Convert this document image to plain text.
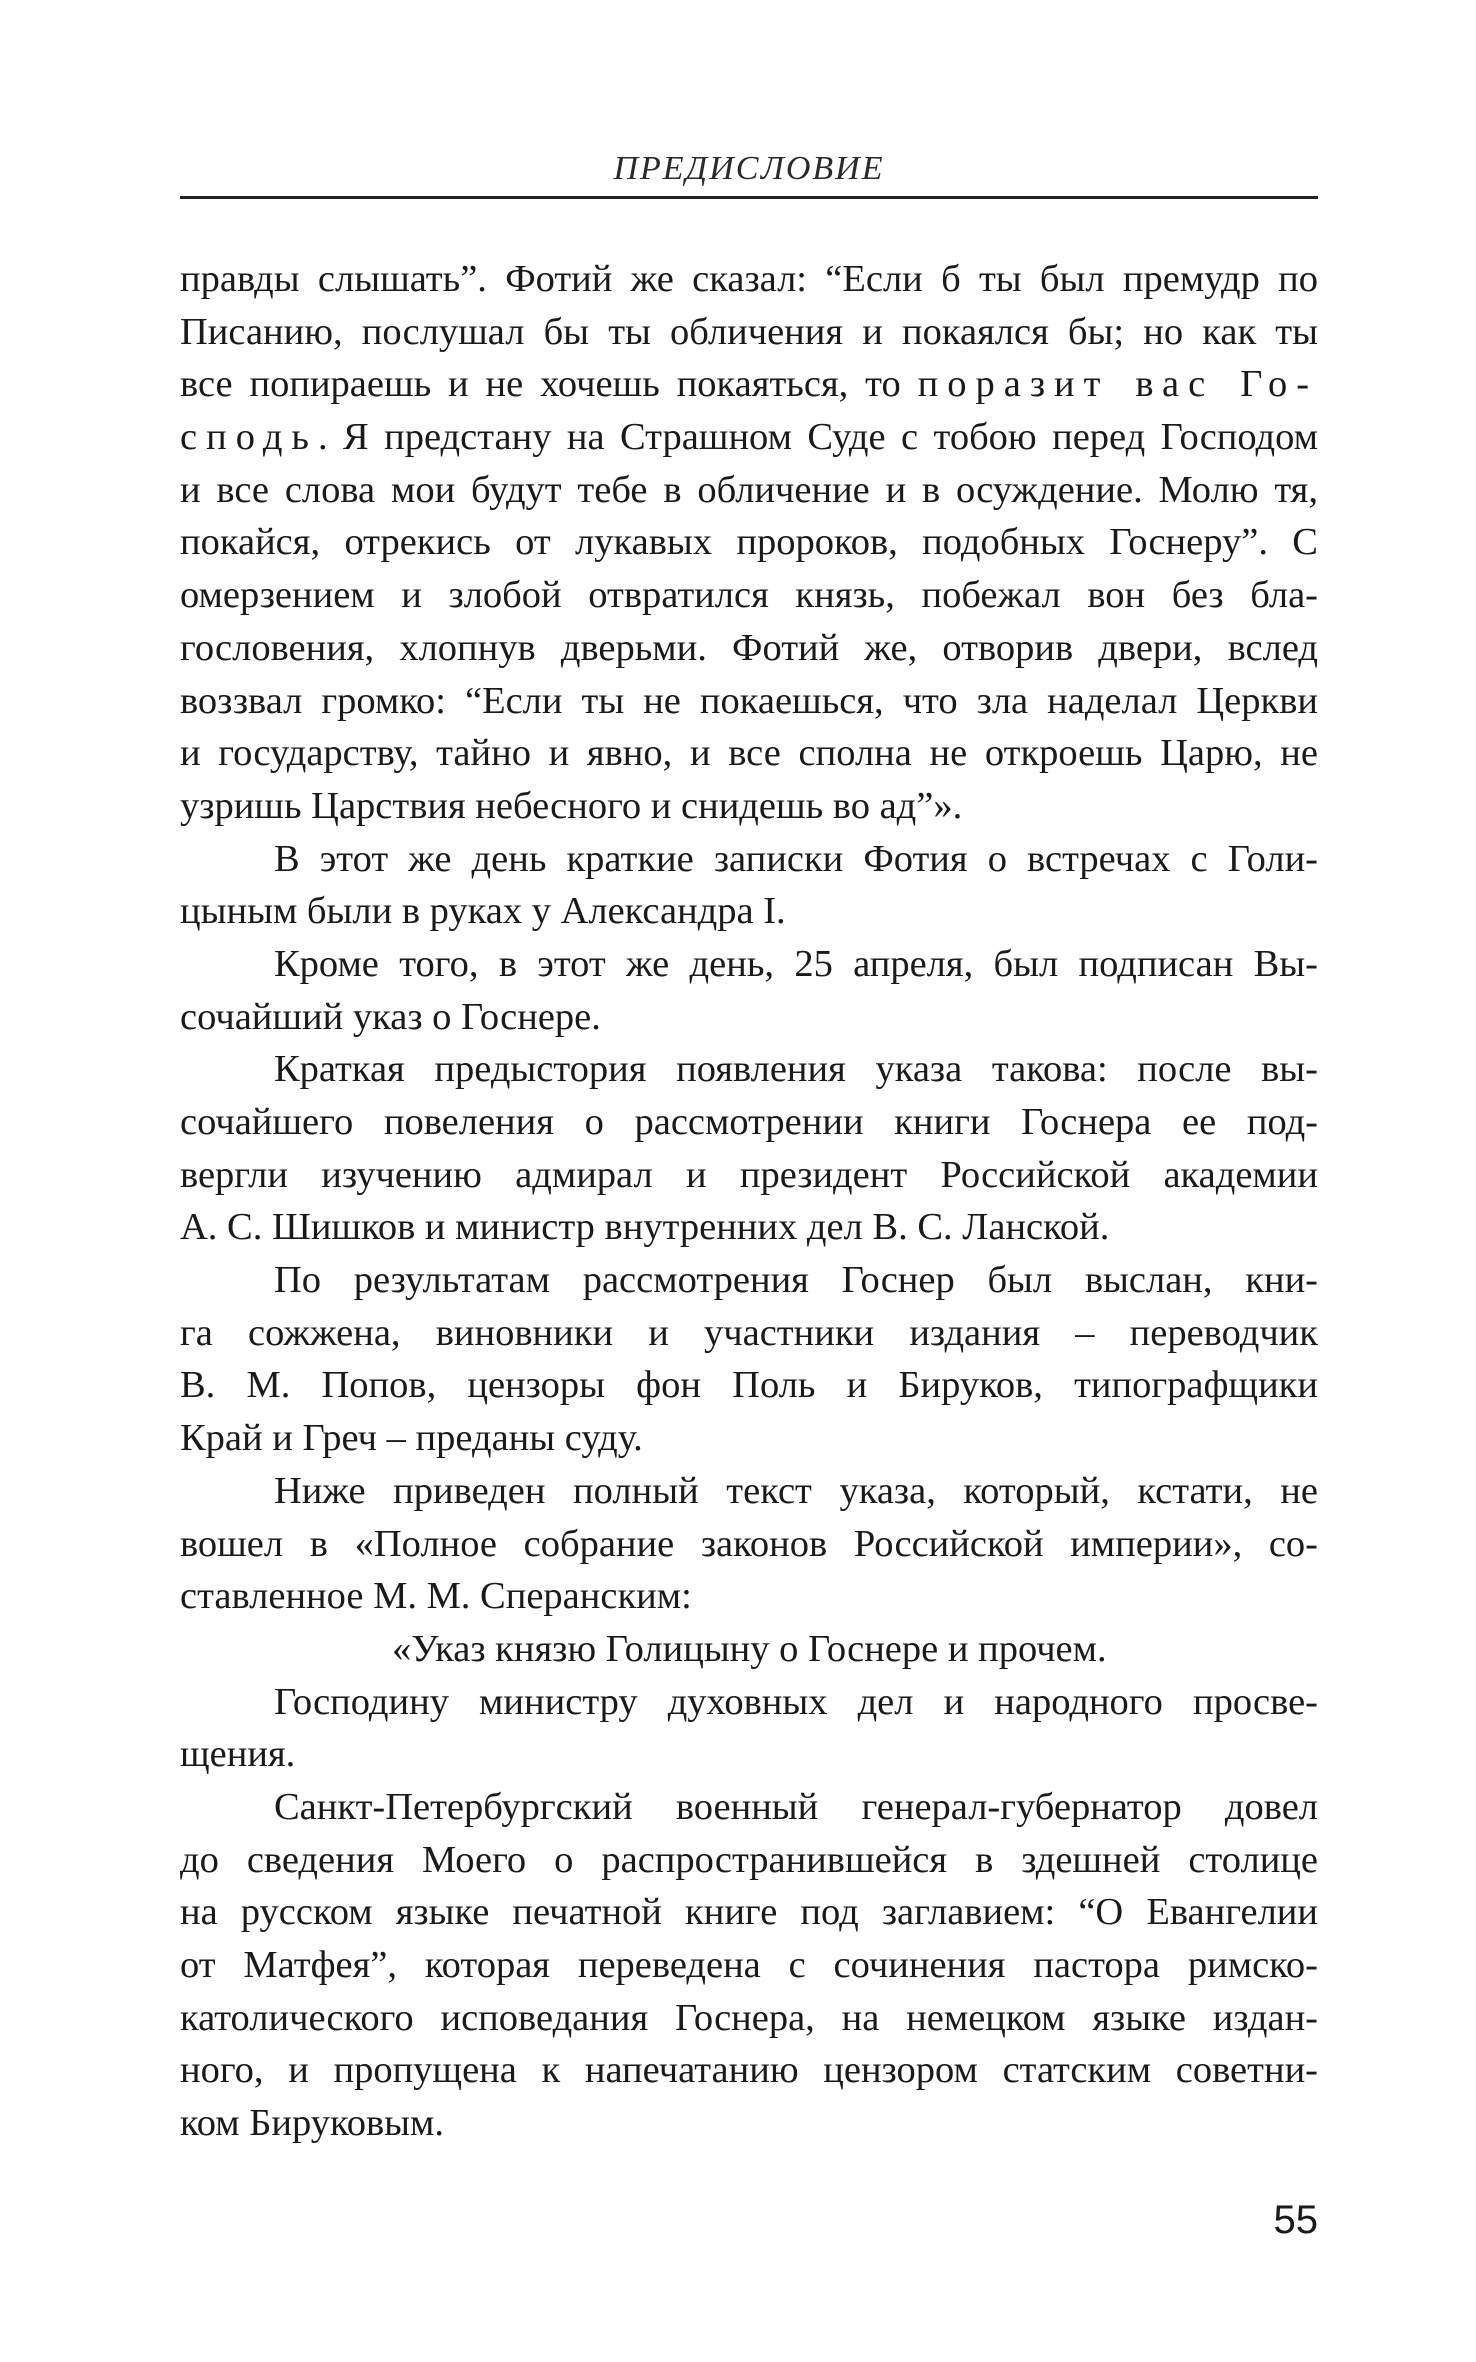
ПРЕДИСЛОВИЕ
правды слышать”. Фотий же сказал: “Если б ты был премудр по
Писанию, послушал бы ты обличения и покаялся бы; но как ты
все попираешь и не хочешь покаяться, то поразит вас Го-
сподь. Я предстану на Страшном Суде с тобою перед Господом
и все слова мои будут тебе в обличение и в осуждение. Молю тя,
покайся, отрекись от лукавых пророков, подобных Госнеру”. С
омерзением и злобой отвратился князь, побежал вон без бла-
гословения, хлопнув дверьми. Фотий же, отворив двери, вслед
воззвал громко: “Если ты не покаешься, что зла наделал Церкви
и государству, тайно и явно, и все сполна не откроешь Царю, не
узришь Царствия небесного и снидешь во ад”».
В этот же день краткие записки Фотия о встречах с Голи-
цыным были в руках у Александра I.
Кроме того, в этот же день, 25 апреля, был подписан Вы-
сочайший указ о Госнере.
Краткая предыстория появления указа такова: после вы-
сочайшего повеления о рассмотрении книги Госнера ее под-
вергли изучению адмирал и президент Российской академии
А. С. Шишков и министр внутренних дел В. С. Ланской.
По результатам рассмотрения Госнер был выслан, кни-
га сожжена, виновники и участники издания – переводчик
В. М. Попов, цензоры фон Поль и Бируков, типографщики
Край и Греч – преданы суду.
Ниже приведен полный текст указа, который, кстати, не
вошел в «Полное собрание законов Российской империи», со-
ставленное М. М. Сперанским:
«Указ князю Голицыну о Госнере и прочем.
Господину министру духовных дел и народного просве-
щения.
Санкт-Петербургский военный генерал-губернатор довел
до сведения Моего о распространившейся в здешней столице
на русском языке печатной книге под заглавием: “О Евангелии
от Матфея”, которая переведена с сочинения пастора римско-
католического исповедания Госнера, на немецком языке издан-
ного, и пропущена к напечатанию цензором статским советни-
ком Бируковым.
55
